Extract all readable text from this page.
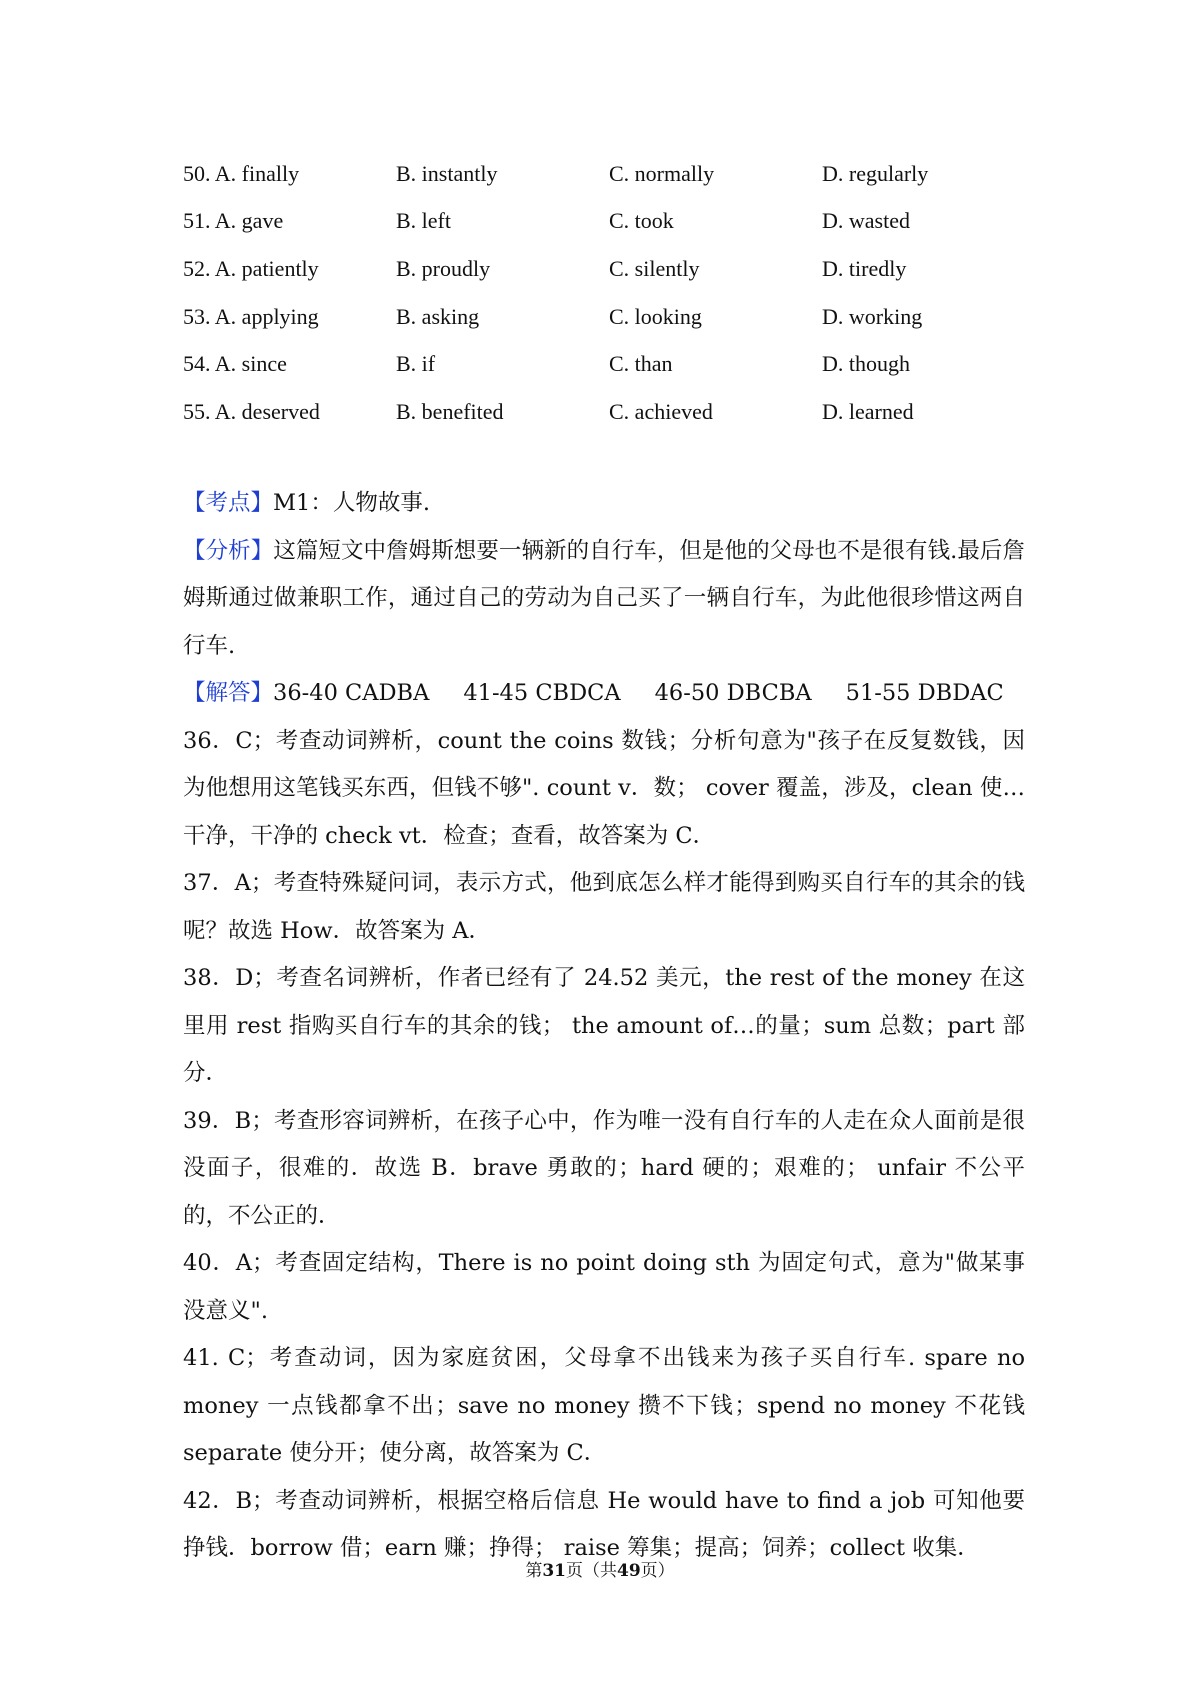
50. A. finally	B. instantly	C. normally	D. regularly
51. A. gave	B. left	C. took	D. wasted
52. A. patiently	B. proudly	C. silently	D. tiredly
53. A. applying	B. asking	C. looking	D. working
54. A. since	B. if	C. than	D. though
55. A. deserved	B. benefited	C. achieved	D. learned

【考点】M1：人物故事.

【分析】这篇短文中詹姆斯想要一辆新的自行车，但是他的父母也不是很有钱.最后詹姆斯通过做兼职工作，通过自己的劳动为自己买了一辆自行车，为此他很珍惜这两自行车.

【解答】36-40 CADBA 41-45 CBDCA 46-50 DBCBA 51-55 DBDAC

36．C；考查动词辨析，count the coins 数钱；分析句意为"孩子在反复数钱，因为他想用这笔钱买东西，但钱不够". count v．数； cover 覆盖，涉及，clean 使…干净，干净的 check vt．检查；查看，故答案为 C．

37．A；考查特殊疑问词，表示方式，他到底怎么样才能得到购买自行车的其余的钱呢？故选 How．故答案为 A．

38．D；考查名词辨析，作者已经有了 24.52 美元，the rest of the money 在这里用 rest 指购买自行车的其余的钱； the amount of…的量；sum 总数；part 部分．

39．B；考查形容词辨析，在孩子心中，作为唯一没有自行车的人走在众人面前是很没面子，很难的．故选 B．brave 勇敢的；hard 硬的；艰难的； unfair 不公平的，不公正的．

40．A；考查固定结构，There is no point doing sth 为固定句式，意为"做某事没意义".

41. C；考查动词，因为家庭贫困，父母拿不出钱来为孩子买自行车. spare no money 一点钱都拿不出；save no money 攒不下钱；spend no money 不花钱 separate 使分开；使分离，故答案为 C．

42．B；考查动词辨析，根据空格后信息 He would have to find a job 可知他要挣钱．borrow 借；earn 赚；挣得； raise 筹集；提高；饲养；collect 收集．

第31页（共49页）
